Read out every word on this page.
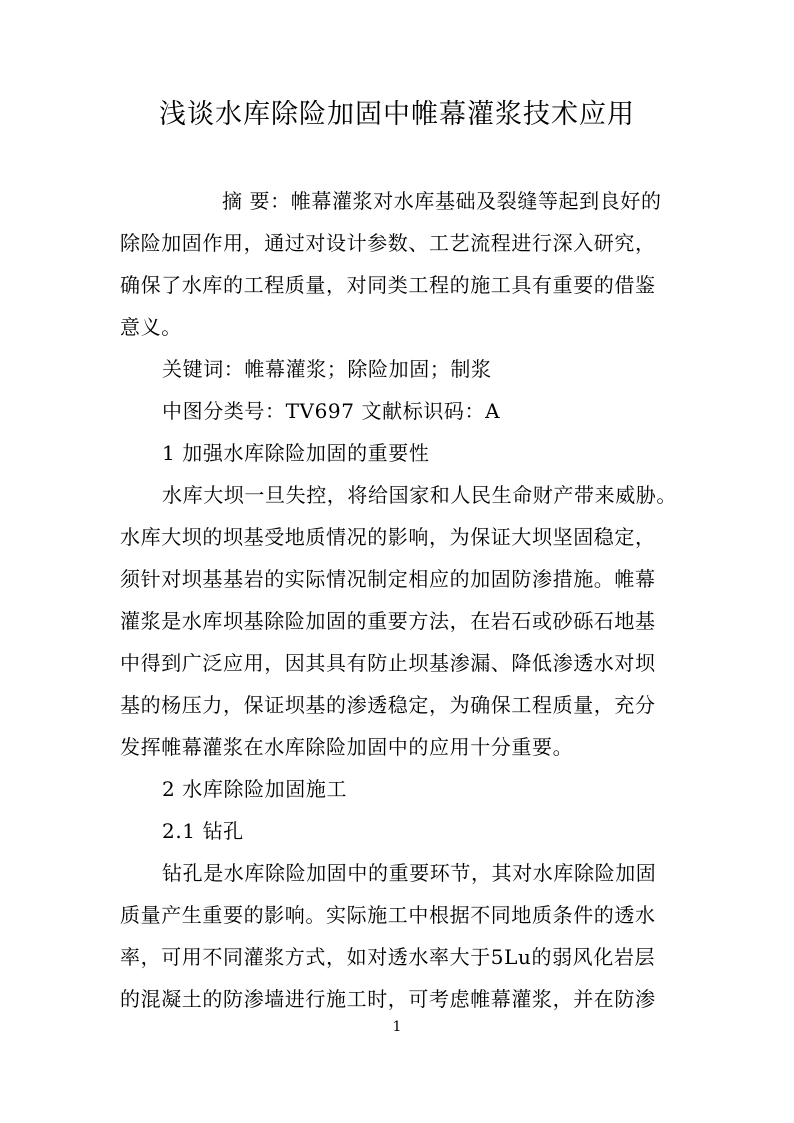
浅谈水库除险加固中帷幕灌浆技术应用
摘 要：帷幕灌浆对水库基础及裂缝等起到良好的
除险加固作用，通过对设计参数、工艺流程进行深入研究，
确保了水库的工程质量，对同类工程的施工具有重要的借鉴
意义。
关键词：帷幕灌浆；除险加固；制浆
中图分类号：TV697 文献标识码：A
1 加强水库除险加固的重要性
水库大坝一旦失控，将给国家和人民生命财产带来威胁。
水库大坝的坝基受地质情况的影响，为保证大坝坚固稳定，
须针对坝基基岩的实际情况制定相应的加固防渗措施。帷幕
灌浆是水库坝基除险加固的重要方法，在岩石或砂砾石地基
中得到广泛应用，因其具有防止坝基渗漏、降低渗透水对坝
基的杨压力，保证坝基的渗透稳定，为确保工程质量，充分
发挥帷幕灌浆在水库除险加固中的应用十分重要。
2 水库除险加固施工
2.1 钻孔
钻孔是水库除险加固中的重要环节，其对水库除险加固
质量产生重要的影响。实际施工中根据不同地质条件的透水
率，可用不同灌浆方式，如对透水率大于5Lu的弱风化岩层
的混凝土的防渗墙进行施工时，可考虑帷幕灌浆，并在防渗
1
